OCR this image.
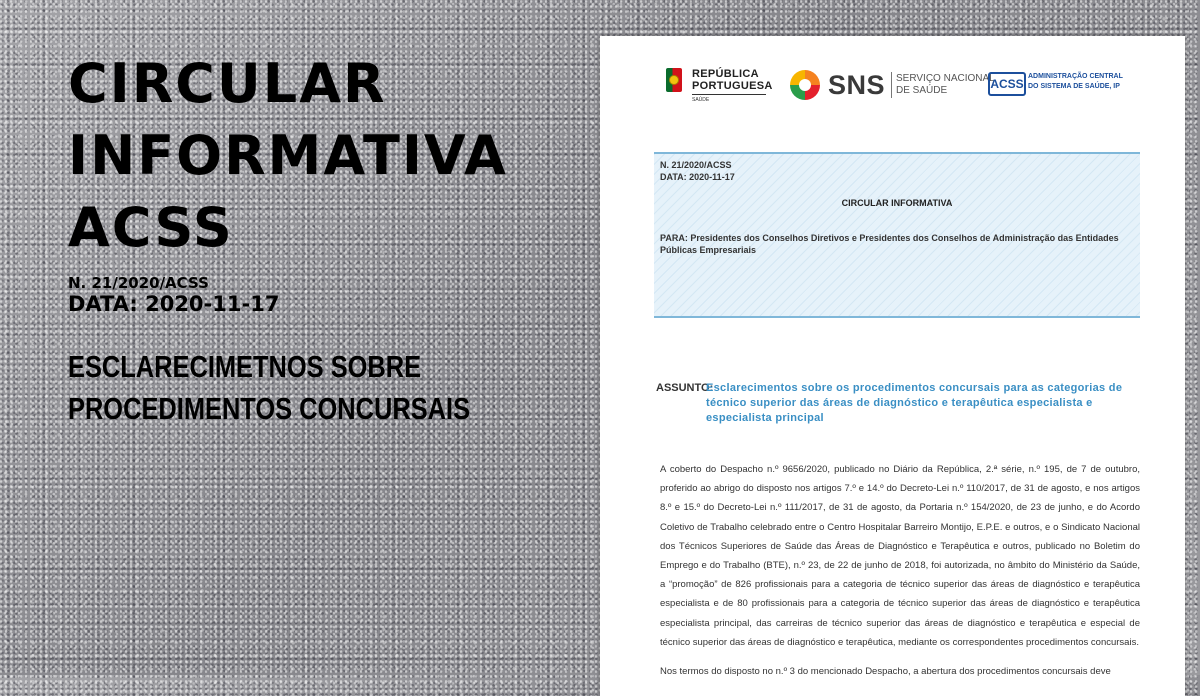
CIRCULAR
INFORMATIVA
ACSS
N. 21/2020/ACSS
DATA: 2020-11-17
ESCLARECIMETNOS SOBRE
PROCEDIMENTOS CONCURSAIS
REPÚBLICA
PORTUGUESA
SAÚDE	SNS SERVIÇO NACIONAL
DE SAÚDE	ACSS
ADMINISTRAÇÃO CENTRAL
DO SISTEMA DE SAÚDE, IP
N. 21/2020/ACSS
DATA: 2020-11-17
CIRCULAR INFORMATIVA
PARA: Presidentes dos Conselhos Diretivos e Presidentes dos Conselhos de Administração das Entidades Públicas Empresariais
ASSUNTO:
Esclarecimentos sobre os procedimentos concursais para as categorias de técnico superior das áreas de diagnóstico e terapêutica especialista e especialista principal

A coberto do Despacho n.º 9656/2020, publicado no Diário da República, 2.ª série, n.º 195, de 7 de outubro, proferido ao abrigo do disposto nos artigos 7.º e 14.º do Decreto-Lei n.º 110/2017, de 31 de agosto, e nos artigos 8.º e 15.º do Decreto-Lei n.º 111/2017, de 31 de agosto, da Portaria n.º 154/2020, de 23 de junho, e do Acordo Coletivo de Trabalho celebrado entre o Centro Hospitalar Barreiro Montijo, E.P.E. e outros, e o Sindicato Nacional dos Técnicos Superiores de Saúde das Áreas de Diagnóstico e Terapêutica e outros, publicado no Boletim do Emprego e do Trabalho (BTE), n.º 23, de 22 de junho de 2018, foi autorizada, no âmbito do Ministério da Saúde, a “promoção” de 826 profissionais para a categoria de técnico superior das áreas de diagnóstico e terapêutica especialista e de 80 profissionais para a categoria de técnico superior das áreas de diagnóstico e terapêutica especialista principal, das carreiras de técnico superior das áreas de diagnóstico e terapêutica e especial de técnico superior das áreas de diagnóstico e terapêutica, mediante os correspondentes procedimentos concursais.

Nos termos do disposto no n.º 3 do mencionado Despacho, a abertura dos procedimentos concursais deve
